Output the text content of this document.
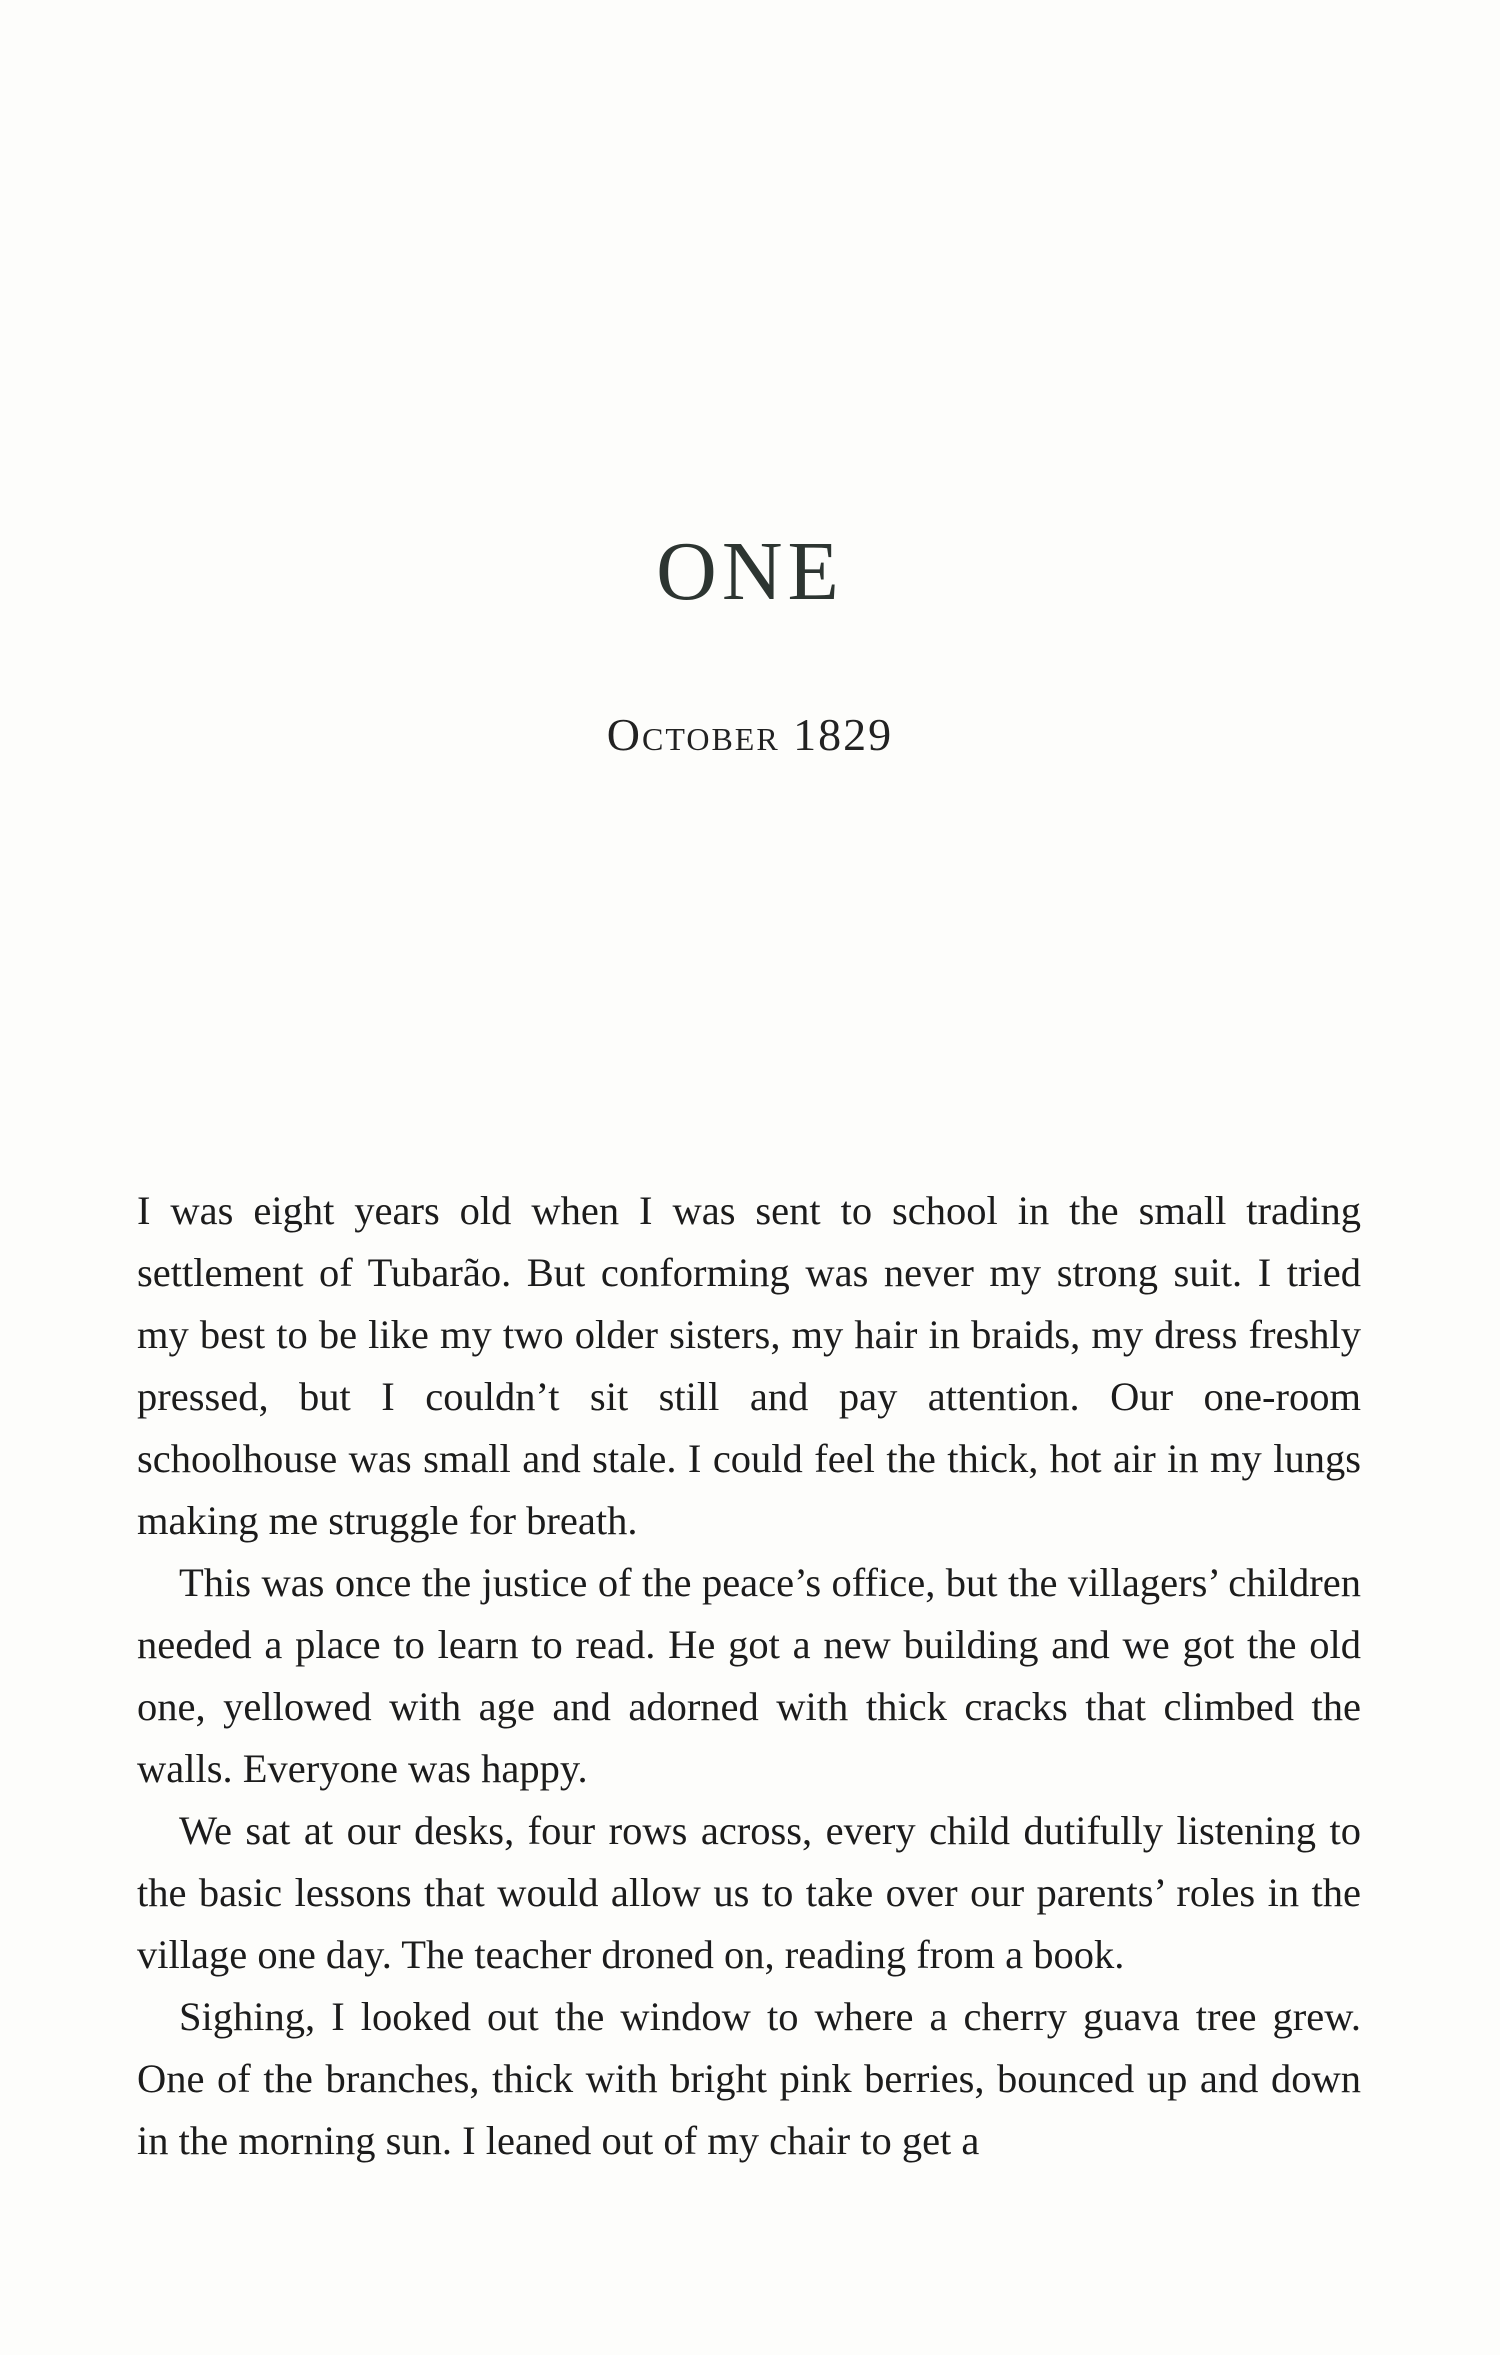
ONE
October 1829

I was eight years old when I was sent to school in the small trading settlement of Tubarão. But conforming was never my strong suit. I tried my best to be like my two older sisters, my hair in braids, my dress freshly pressed, but I couldn’t sit still and pay attention. Our one-room schoolhouse was small and stale. I could feel the thick, hot air in my lungs making me struggle for breath.

This was once the justice of the peace’s office, but the villagers’ children needed a place to learn to read. He got a new building and we got the old one, yellowed with age and adorned with thick cracks that climbed the walls. Everyone was happy.

We sat at our desks, four rows across, every child dutifully listening to the basic lessons that would allow us to take over our parents’ roles in the village one day. The teacher droned on, reading from a book.

Sighing, I looked out the window to where a cherry guava tree grew. One of the branches, thick with bright pink berries, bounced up and down in the morning sun. I leaned out of my chair to get a
